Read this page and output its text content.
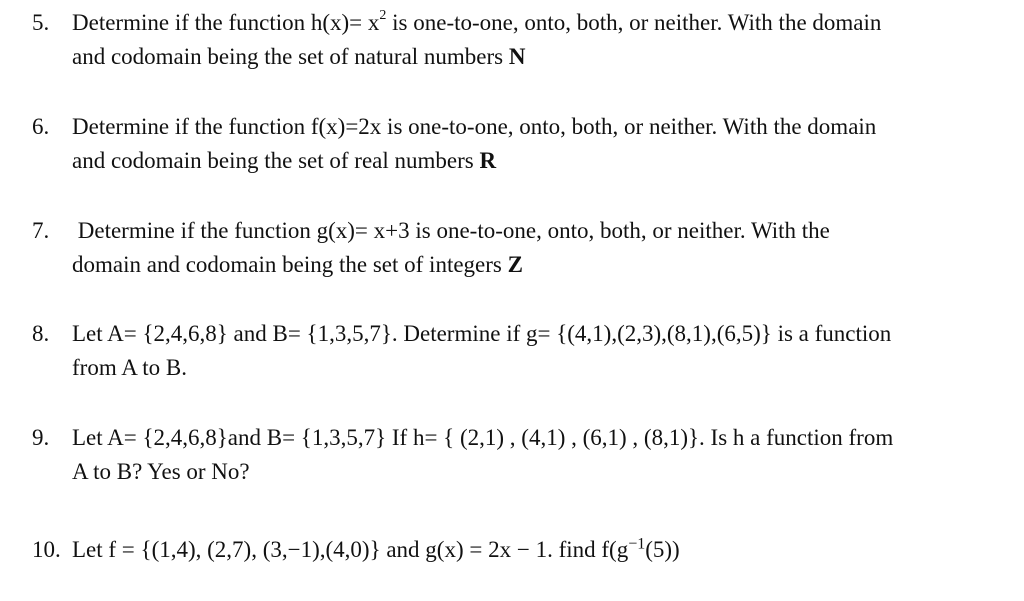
5. Determine if the function $h(x)= x^2$ is one-to-one, onto, both, or neither. With the domain
and codomain being the set of natural numbers N
6. Determine if the function f(x)=2x is one-to-one, onto, both, or neither. With the domain
and codomain being the set of real numbers R
7. Determine if the function g(x)= x+3 is one-to-one, onto, both, or neither. With the
domain and codomain being the set of integers Z
8. Let A= {2,4,6,8} and B= {1,3,5,7}. Determine if g= {(4,1),(2,3),(8,1),(6,5)} is a function
from A to B.
9. Let A= {2,4,6,8}and B= {1,3,5,7} If h= { (2,1) , (4,1) , (6,1) , (8,1)}. Is h a function from
A to B? Yes or No?
10. Let f = {(1,4), (2,7), (3,−1),(4,0)} and g(x) = 2x − 1. find $f(g^{-1}(5))$
